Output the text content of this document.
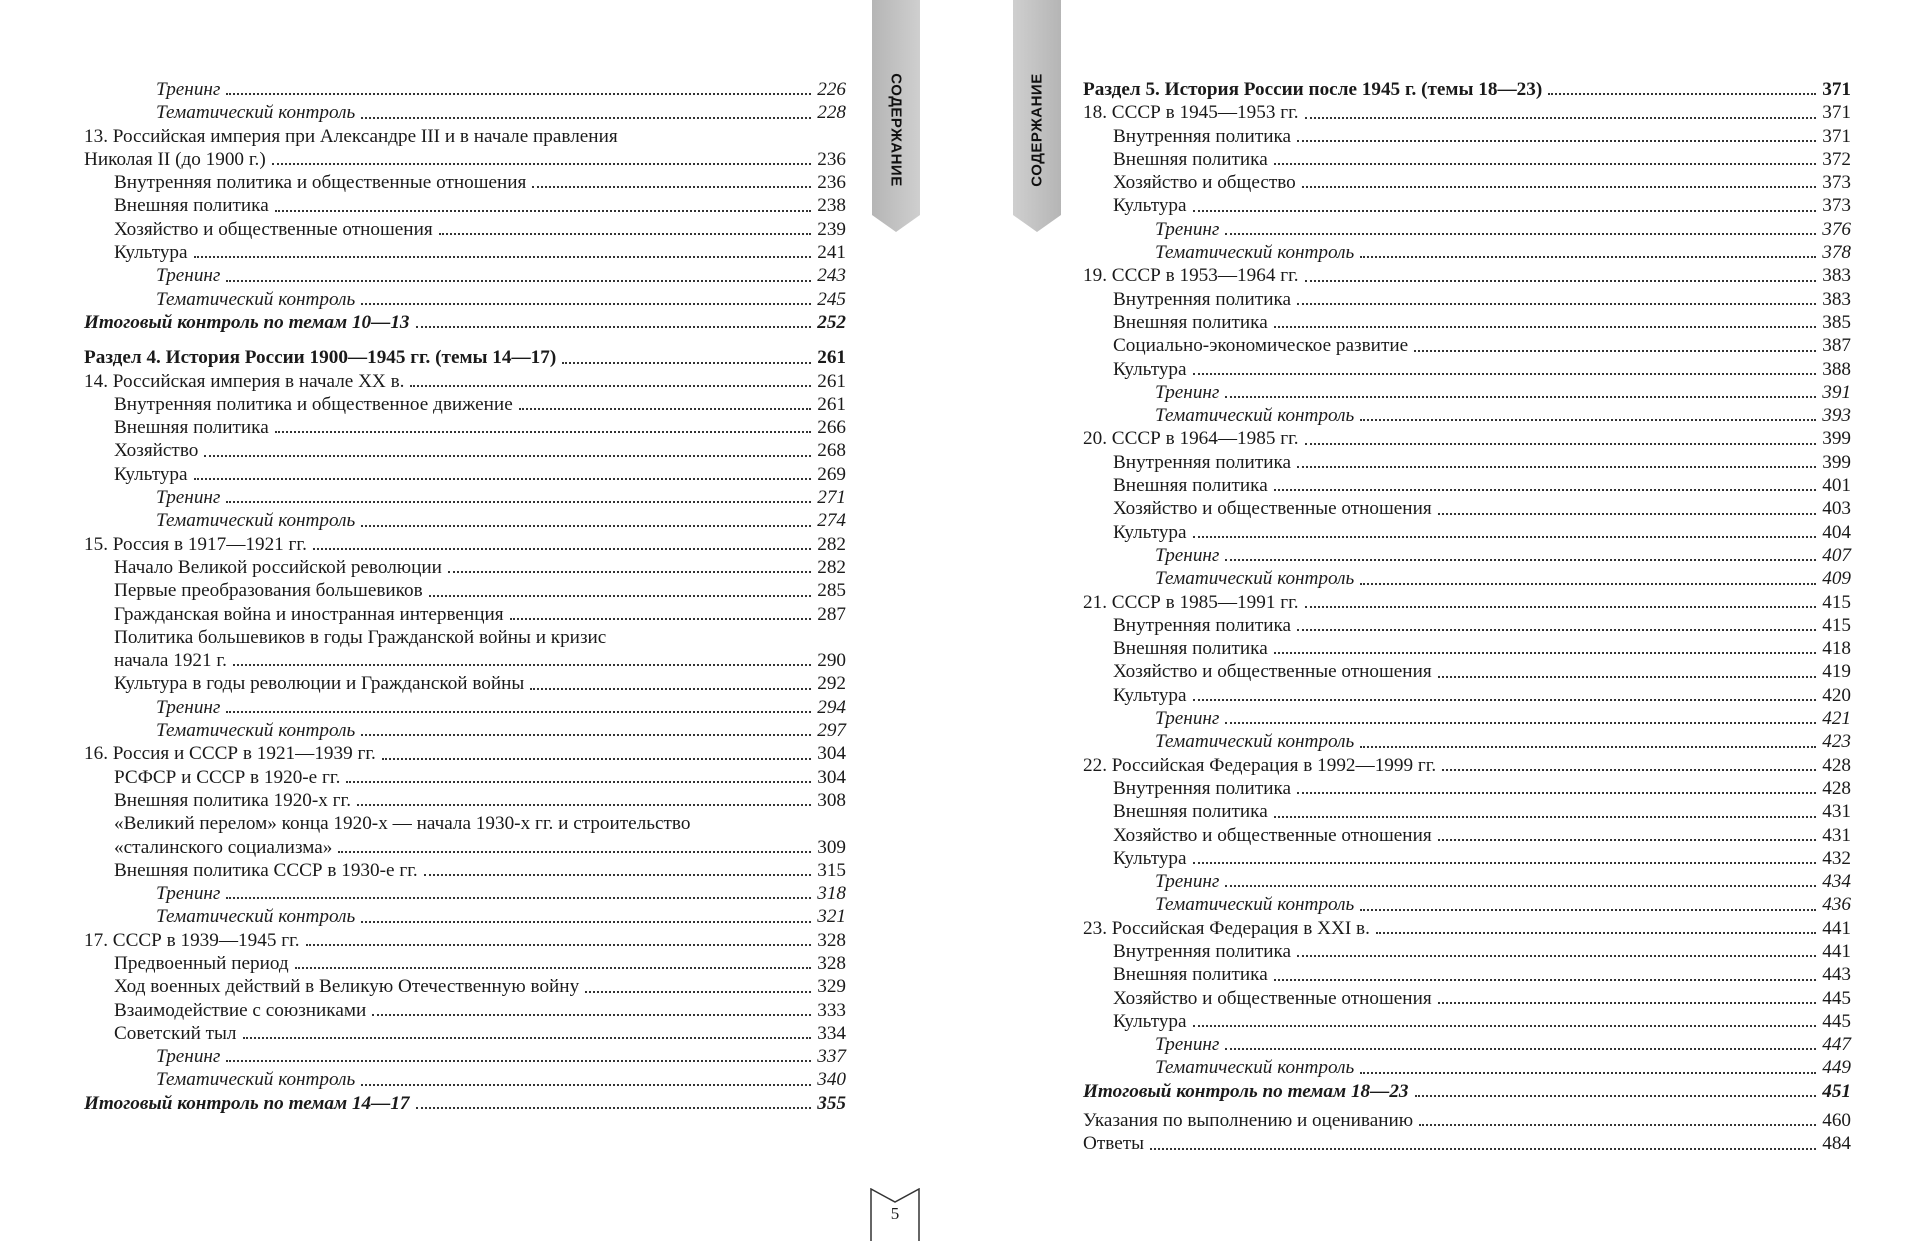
Тренинг	226
Тематический контроль	228
13. Российская империя при Александре III и в начале правления
Николая II (до 1900 г.)	236
Внутренняя политика и общественные отношения	236
Внешняя политика	238
Хозяйство и общественные отношения	239
Культура	241
Тренинг	243
Тематический контроль	245
Итоговый контроль по темам 10—13	252
Раздел 4. История России 1900—1945 гг. (темы 14—17)	261
14. Российская империя в начале XX в.	261
Внутренняя политика и общественное движение	261
Внешняя политика	266
Хозяйство	268
Культура	269
Тренинг	271
Тематический контроль	274
15. Россия в 1917—1921 гг.	282
Начало Великой российской революции	282
Первые преобразования большевиков	285
Гражданская война и иностранная интервенция	287
Политика большевиков в годы Гражданской войны и кризис
начала 1921 г.	290
Культура в годы революции и Гражданской войны	292
Тренинг	294
Тематический контроль	297
16. Россия и СССР в 1921—1939 гг.	304
РСФСР и СССР в 1920-е гг.	304
Внешняя политика 1920-х гг.	308
«Великий перелом» конца 1920-х — начала 1930-х гг. и строительство
«сталинского социализма»	309
Внешняя политика СССР в 1930-е гг.	315
Тренинг	318
Тематический контроль	321
17. СССР в 1939—1945 гг.	328
Предвоенный период	328
Ход военных действий в Великую Отечественную войну	329
Взаимодействие с союзниками	333
Советский тыл	334
Тренинг	337
Тематический контроль	340
Итоговый контроль по темам 14—17	355
СОДЕРЖАНИЕ	Раздел 5. История России после 1945 г. (темы 18—23)	371
18. СССР в 1945—1953 гг.	371
Внутренняя политика	371
Внешняя политика	372
Хозяйство и общество	373
Культура	373
Тренинг	376
Тематический контроль	378
19. СССР в 1953—1964 гг.	383
Внутренняя политика	383
Внешняя политика	385
Социально-экономическое развитие	387
Культура	388
Тренинг	391
Тематический контроль	393
20. СССР в 1964—1985 гг.	399
Внутренняя политика	399
Внешняя политика	401
Хозяйство и общественные отношения	403
Культура	404
Тренинг	407
Тематический контроль	409
21. СССР в 1985—1991 гг.	415
Внутренняя политика	415
Внешняя политика	418
Хозяйство и общественные отношения	419
Культура	420
Тренинг	421
Тематический контроль	423
22. Российская Федерация в 1992—1999 гг.	428
Внутренняя политика	428
Внешняя политика	431
Хозяйство и общественные отношения	431
Культура	432
Тренинг	434
Тематический контроль	436
23. Российская Федерация в XXI в.	441
Внутренняя политика	441
Внешняя политика	443
Хозяйство и общественные отношения	445
Культура	445
Тренинг	447
Тематический контроль	449
Итоговый контроль по темам 18—23	451
Указания по выполнению и оцениванию	460
Ответы	484
СОДЕРЖАНИЕ
5
